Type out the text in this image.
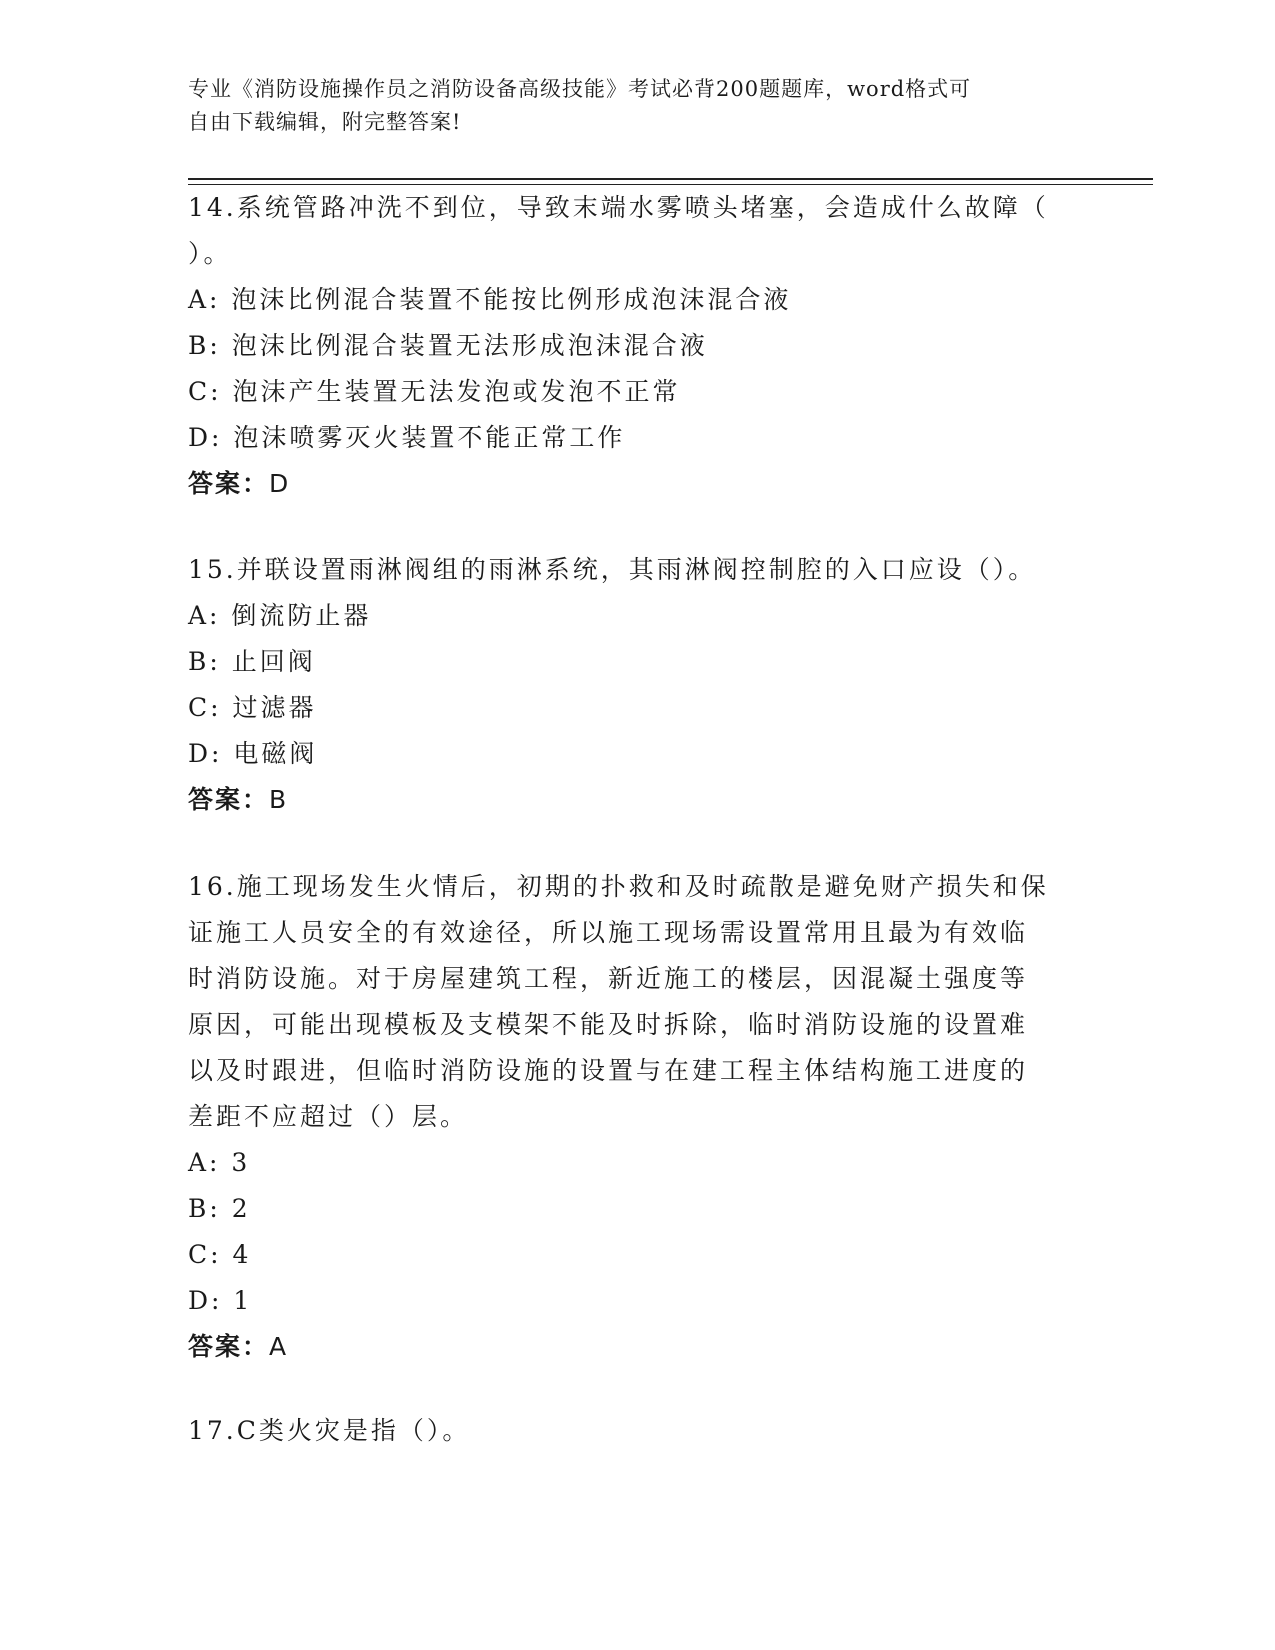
专业《消防设施操作员之消防设备高级技能》考试必背200题题库，word格式可
自由下载编辑，附完整答案!
14.系统管路冲洗不到位，导致末端水雾喷头堵塞，会造成什么故障（
）。
A: 泡沫比例混合装置不能按比例形成泡沫混合液
B: 泡沫比例混合装置无法形成泡沫混合液
C: 泡沫产生装置无法发泡或发泡不正常
D: 泡沫喷雾灭火装置不能正常工作
答案：D
15.并联设置雨淋阀组的雨淋系统，其雨淋阀控制腔的入口应设（）。
A: 倒流防止器
B: 止回阀
C: 过滤器
D: 电磁阀
答案：B
16.施工现场发生火情后，初期的扑救和及时疏散是避免财产损失和保
证施工人员安全的有效途径，所以施工现场需设置常用且最为有效临
时消防设施。对于房屋建筑工程，新近施工的楼层，因混凝土强度等
原因，可能出现模板及支模架不能及时拆除，临时消防设施的设置难
以及时跟进，但临时消防设施的设置与在建工程主体结构施工进度的
差距不应超过（）层。
A: 3
B: 2
C: 4
D: 1
答案：A
17.C类火灾是指（）。
